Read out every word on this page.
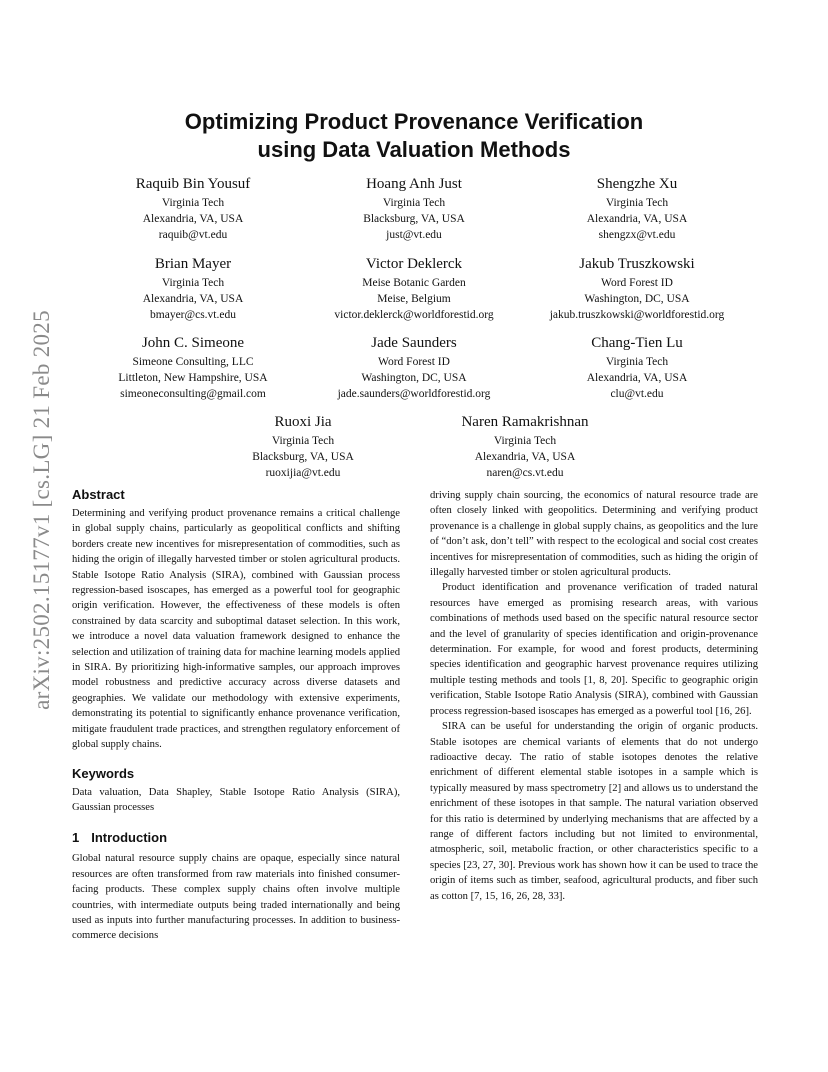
arXiv:2502.15177v1 [cs.LG] 21 Feb 2025
Optimizing Product Provenance Verification
using Data Valuation Methods
Raquib Bin Yousuf
Virginia Tech
Alexandria, VA, USA
raquib@vt.edu
Hoang Anh Just
Virginia Tech
Blacksburg, VA, USA
just@vt.edu
Shengzhe Xu
Virginia Tech
Alexandria, VA, USA
shengzx@vt.edu
Brian Mayer
Virginia Tech
Alexandria, VA, USA
bmayer@cs.vt.edu
Victor Deklerck
Meise Botanic Garden
Meise, Belgium
victor.deklerck@worldforestid.org
Jakub Truszkowski
Word Forest ID
Washington, DC, USA
jakub.truszkowski@worldforestid.org
John C. Simeone
Simeone Consulting, LLC
Littleton, New Hampshire, USA
simeoneconsulting@gmail.com
Jade Saunders
Word Forest ID
Washington, DC, USA
jade.saunders@worldforestid.org
Chang-Tien Lu
Virginia Tech
Alexandria, VA, USA
clu@vt.edu
Ruoxi Jia
Virginia Tech
Blacksburg, VA, USA
ruoxijia@vt.edu
Naren Ramakrishnan
Virginia Tech
Alexandria, VA, USA
naren@cs.vt.edu
Abstract

Determining and verifying product provenance remains a critical challenge in global supply chains, particularly as geopolitical conflicts and shifting borders create new incentives for misrepresentation of commodities, such as hiding the origin of illegally harvested timber or stolen agricultural products. Stable Isotope Ratio Analysis (SIRA), combined with Gaussian process regression-based isoscapes, has emerged as a powerful tool for geographic origin verification. However, the effectiveness of these models is often constrained by data scarcity and suboptimal dataset selection. In this work, we introduce a novel data valuation framework designed to enhance the selection and utilization of training data for machine learning models applied in SIRA. By prioritizing high-informative samples, our approach improves model robustness and predictive accuracy across diverse datasets and geographies. We validate our methodology with extensive experiments, demonstrating its potential to significantly enhance provenance verification, mitigate fraudulent trade practices, and strengthen regulatory enforcement of global supply chains.

Keywords

Data valuation, Data Shapley, Stable Isotope Ratio Analysis (SIRA), Gaussian processes

1 Introduction

Global natural resource supply chains are opaque, especially since natural resources are often transformed from raw materials into finished consumer-facing products. These complex supply chains often involve multiple countries, with intermediate outputs being traded internationally and being used as inputs into further manufacturing processes. In addition to business-commerce decisions

driving supply chain sourcing, the economics of natural resource trade are often closely linked with geopolitics. Determining and verifying product provenance is a challenge in global supply chains, as geopolitics and the lure of “don’t ask, don’t tell” with respect to the ecological and social cost creates incentives for misrepresentation of commodities, such as hiding the origin of illegally harvested timber or stolen agricultural products.

Product identification and provenance verification of traded natural resources have emerged as promising research areas, with various combinations of methods used based on the specific natural resource sector and the level of granularity of species identification and origin-provenance determination. For example, for wood and forest products, determining species identification and geographic harvest provenance requires utilizing multiple testing methods and tools [1, 8, 20]. Specific to geographic origin verification, Stable Isotope Ratio Analysis (SIRA), combined with Gaussian process regression-based isoscapes has emerged as a powerful tool [16, 26].

SIRA can be useful for understanding the origin of organic products. Stable isotopes are chemical variants of elements that do not undergo radioactive decay. The ratio of stable isotopes denotes the relative enrichment of different elemental stable isotopes in a sample which is typically measured by mass spectrometry [2] and allows us to understand the enrichment of these isotopes in that sample. The natural variation observed for this ratio is determined by underlying mechanisms that are affected by a range of different factors including but not limited to environmental, atmospheric, soil, metabolic fraction, or other characteristics specific to a species [23, 27, 30]. Previous work has shown how it can be used to trace the origin of items such as timber, seafood, agricultural products, and fiber such as cotton [7, 15, 16, 26, 28, 33].
